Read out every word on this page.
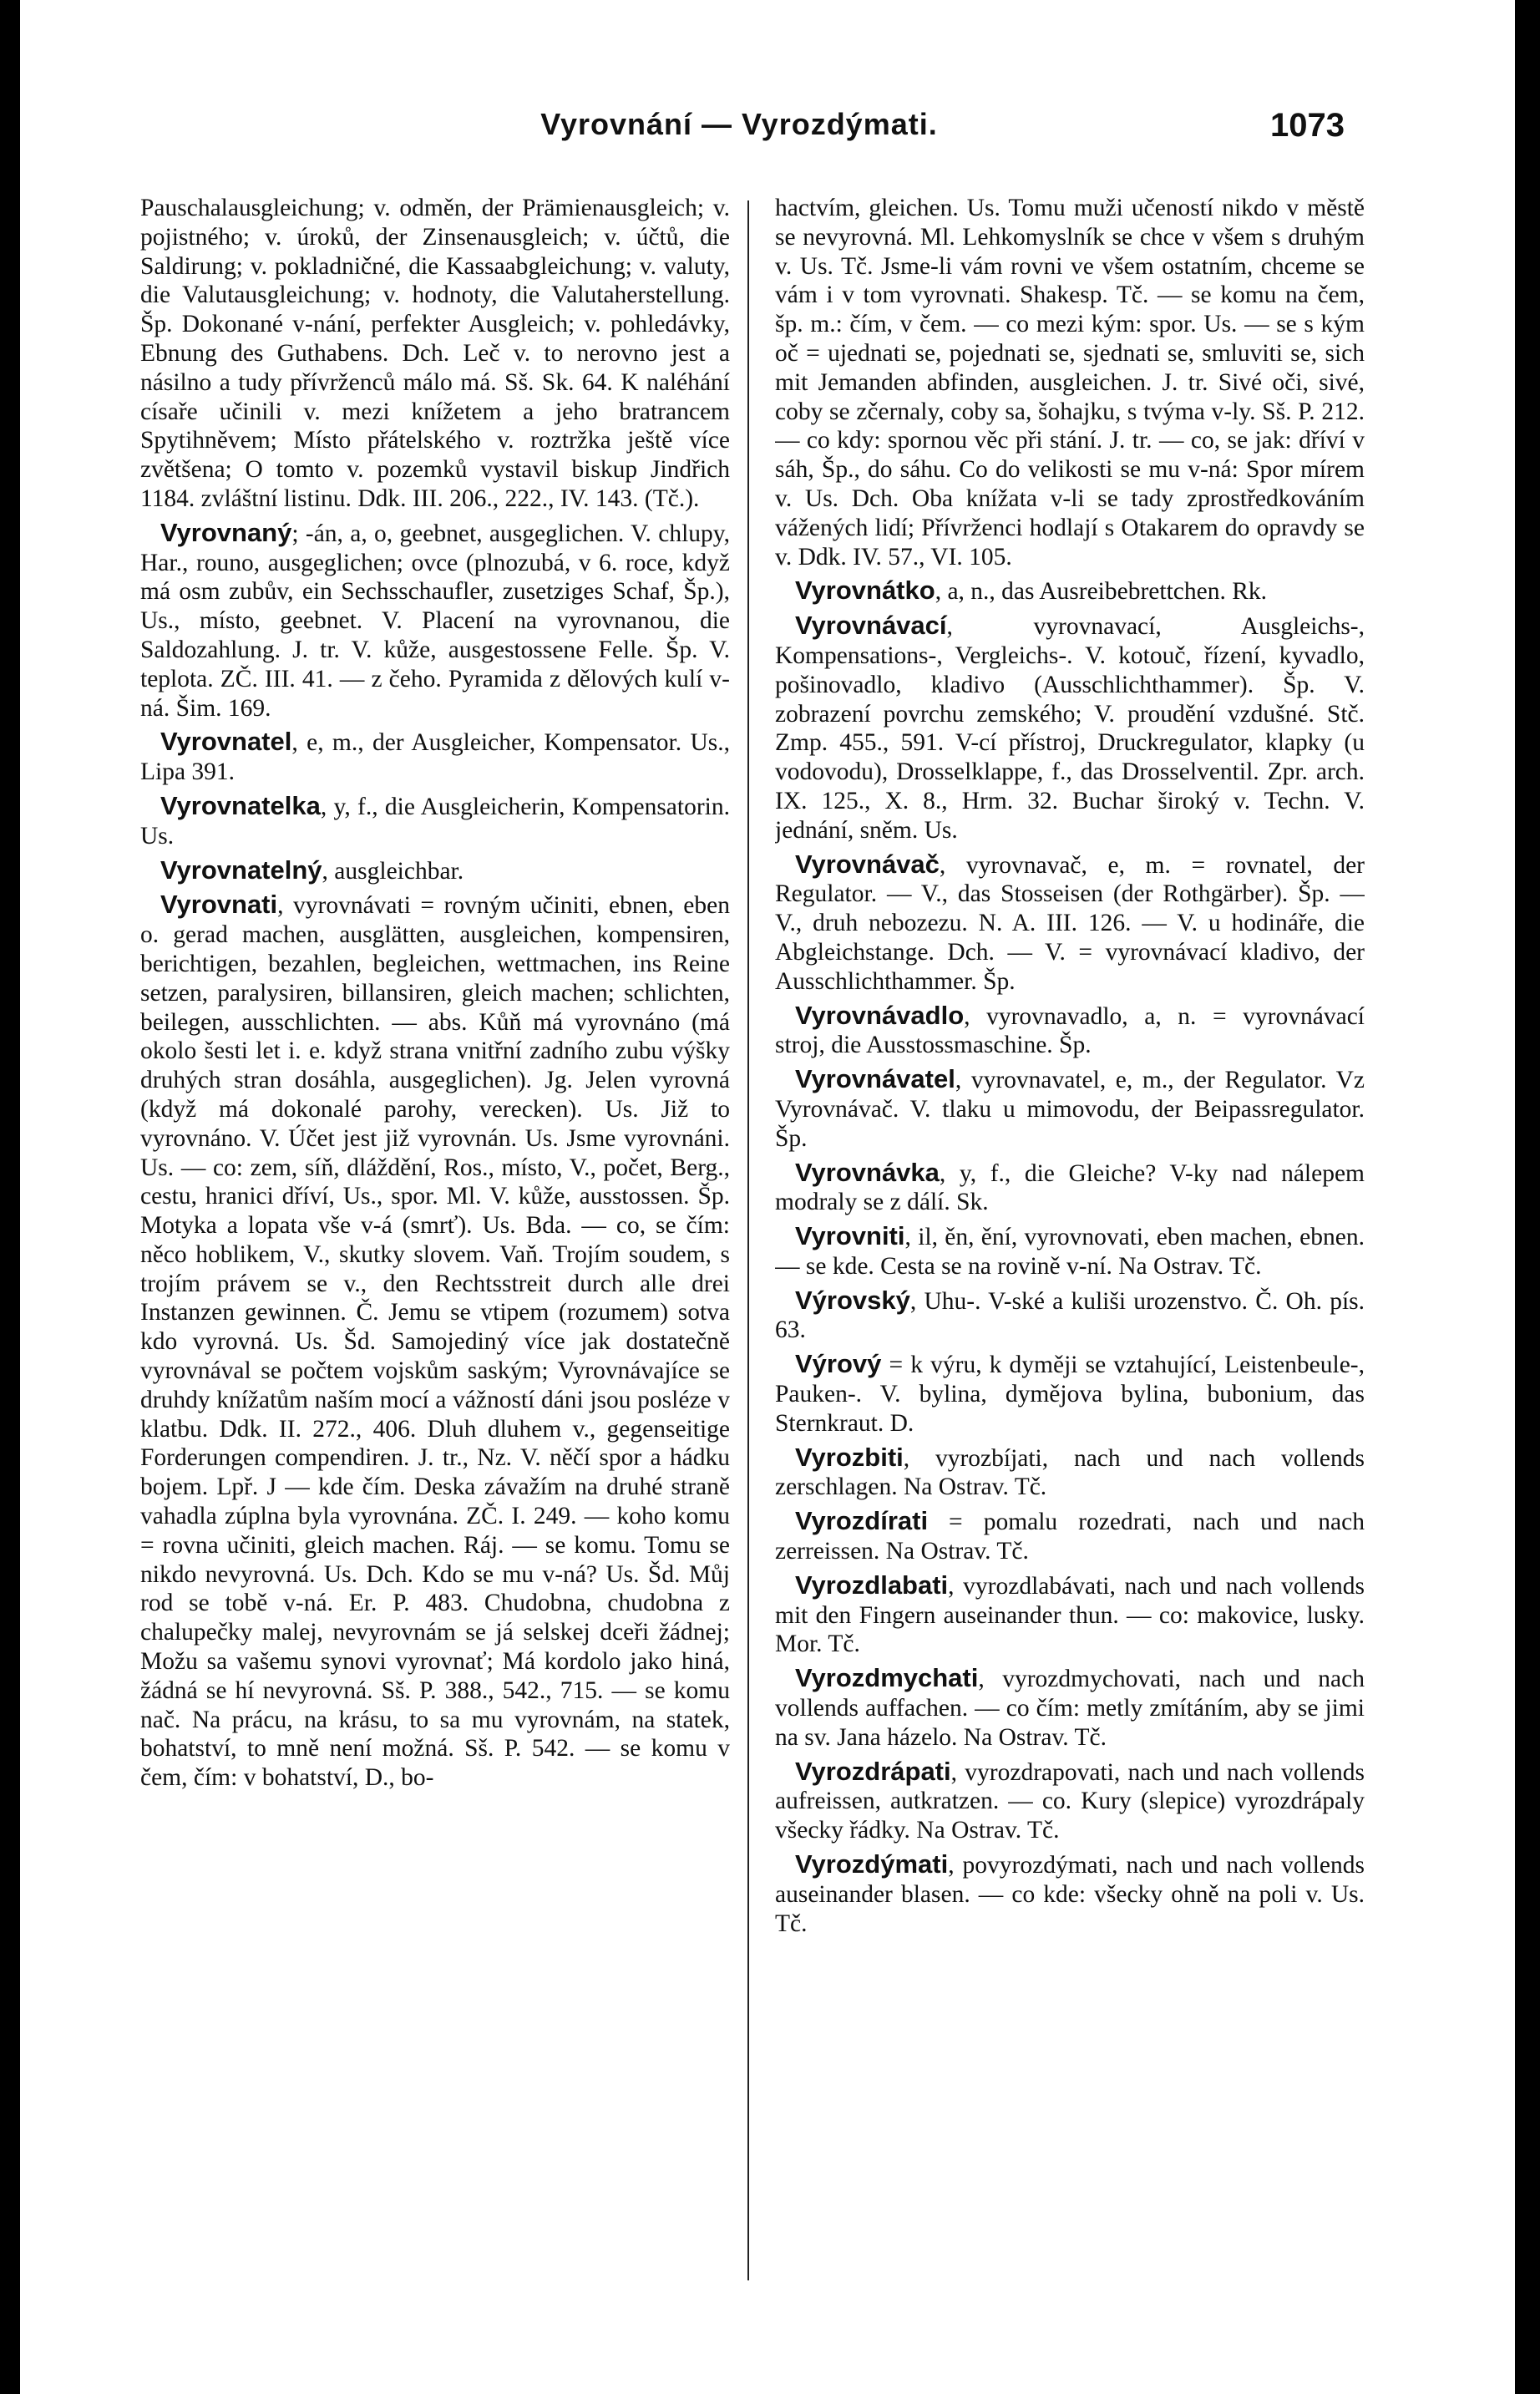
Vyrovnání — Vyrozdýmati.	1073

Pauschalausgleichung; v. odměn, der Prämienausgleich; v. pojistného; v. úroků, der Zinsenausgleich; v. účtů, die Saldirung; v. pokladničné, die Kassaabgleichung; v. valuty, die Valutausgleichung; v. hodnoty, die Valutaherstellung. Šp. Dokonané v-nání, perfekter Ausgleich; v. pohledávky, Ebnung des Guthabens. Dch. Leč v. to nerovno jest a násilno a tudy přívrženců málo má. Sš. Sk. 64. K naléhání císaře učinili v. mezi knížetem a jeho bratrancem Spytihněvem; Místo přátelského v. roztržka ještě více zvětšena; O tomto v. pozemků vystavil biskup Jindřich 1184. zvláštní listinu. Ddk. III. 206., 222., IV. 143. (Tč.).

Vyrovnaný; -án, a, o, geebnet, ausgeglichen. V. chlupy, Har., rouno, ausgeglichen; ovce (plnozubá, v 6. roce, když má osm zubův, ein Sechsschaufler, zusetziges Schaf, Šp.), Us., místo, geebnet. V. Placení na vyrovnanou, die Saldozahlung. J. tr. V. kůže, ausgestossene Felle. Šp. V. teplota. ZČ. III. 41. — z čeho. Pyramida z dělových kulí v-ná. Šim. 169.

Vyrovnatel, e, m., der Ausgleicher, Kompensator. Us., Lipa 391.

Vyrovnatelka, y, f., die Ausgleicherin, Kompensatorin. Us.

Vyrovnatelný, ausgleichbar.

Vyrovnati, vyrovnávati = rovným učiniti, ebnen, eben o. gerad machen, ausglätten, ausgleichen, kompensiren, berichtigen, bezahlen, begleichen, wettmachen, ins Reine setzen, paralysiren, billansiren, gleich machen; schlichten, beilegen, ausschlichten. — abs. Kůň má vyrovnáno (má okolo šesti let i. e. když strana vnitřní zadního zubu výšky druhých stran dosáhla, ausgeglichen). Jg. Jelen vyrovná (když má dokonalé parohy, verecken). Us. Již to vyrovnáno. V. Účet jest již vyrovnán. Us. Jsme vyrovnáni. Us. — co: zem, síň, dláždění, Ros., místo, V., počet, Berg., cestu, hranici dříví, Us., spor. Ml. V. kůže, ausstossen. Šp. Motyka a lopata vše v-á (smrť). Us. Bda. — co, se čím: něco hoblikem, V., skutky slovem. Vaň. Trojím soudem, s trojím právem se v., den Rechtsstreit durch alle drei Instanzen gewinnen. Č. Jemu se vtipem (rozumem) sotva kdo vyrovná. Us. Šd. Samojediný více jak dostatečně vyrovnával se počtem vojskům saským; Vyrovnávajíce se druhdy knížatům naším mocí a vážností dáni jsou posléze v klatbu. Ddk. II. 272., 406. Dluh dluhem v., gegenseitige Forderungen compendiren. J. tr., Nz. V. něčí spor a hádku bojem. Lpř. J — kde čím. Deska závažím na druhé straně vahadla zúplna byla vyrovnána. ZČ. I. 249. — koho komu = rovna učiniti, gleich machen. Ráj. — se komu. Tomu se nikdo nevyrovná. Us. Dch. Kdo se mu v-ná? Us. Šd. Můj rod se tobě v-ná. Er. P. 483. Chudobna, chudobna z chalupečky malej, nevyrovnám se já selskej dceři žádnej; Možu sa vašemu synovi vyrovnať; Má kordolo jako hiná, žádná se hí nevyrovná. Sš. P. 388., 542., 715. — se komu nač. Na prácu, na krásu, to sa mu vyrovnám, na statek, bohatství, to mně není možná. Sš. P. 542. — se komu v čem, čím: v bohatství, D., bo-

hactvím, gleichen. Us. Tomu muži učeností nikdo v městě se nevyrovná. Ml. Lehkomyslník se chce v všem s druhým v. Us. Tč. Jsme-li vám rovni ve všem ostatním, chceme se vám i v tom vyrovnati. Shakesp. Tč. — se komu na čem, šp. m.: čím, v čem. — co mezi kým: spor. Us. — se s kým oč = ujednati se, pojednati se, sjednati se, smluviti se, sich mit Jemanden abfinden, ausgleichen. J. tr. Sivé oči, sivé, coby se zčernaly, coby sa, šohajku, s tvýma v-ly. Sš. P. 212. — co kdy: spornou věc při stání. J. tr. — co, se jak: dříví v sáh, Šp., do sáhu. Co do velikosti se mu v-ná: Spor mírem v. Us. Dch. Oba knížata v-li se tady zprostředkováním vážených lidí; Přívrženci hodlají s Otakarem do opravdy se v. Ddk. IV. 57., VI. 105.

Vyrovnátko, a, n., das Ausreibebrettchen. Rk.

Vyrovnávací, vyrovnavací, Ausgleichs-, Kompensations-, Vergleichs-. V. kotouč, řízení, kyvadlo, pošinovadlo, kladivo (Ausschlichthammer). Šp. V. zobrazení povrchu zemského; V. proudění vzdušné. Stč. Zmp. 455., 591. V-cí přístroj, Druckregulator, klapky (u vodovodu), Drosselklappe, f., das Drosselventil. Zpr. arch. IX. 125., X. 8., Hrm. 32. Buchar široký v. Techn. V. jednání, sněm. Us.

Vyrovnávač, vyrovnavač, e, m. = rovnatel, der Regulator. — V., das Stosseisen (der Rothgärber). Šp. — V., druh nebozezu. N. A. III. 126. — V. u hodináře, die Abgleichstange. Dch. — V. = vyrovnávací kladivo, der Ausschlichthammer. Šp.

Vyrovnávadlo, vyrovnavadlo, a, n. = vyrovnávací stroj, die Ausstossmaschine. Šp.

Vyrovnávatel, vyrovnavatel, e, m., der Regulator. Vz Vyrovnávač. V. tlaku u mimovodu, der Beipassregulator. Šp.

Vyrovnávka, y, f., die Gleiche? V-ky nad nálepem modraly se z dálí. Sk.

Vyrovniti, il, ěn, ění, vyrovnovati, eben machen, ebnen. — se kde. Cesta se na rovině v-ní. Na Ostrav. Tč.

Výrovský, Uhu-. V-ské a kuliši urozenstvo. Č. Oh. pís. 63.

Výrový = k výru, k dyměji se vztahující, Leistenbeule-, Pauken-. V. bylina, dymějova bylina, bubonium, das Sternkraut. D.

Vyrozbiti, vyrozbíjati, nach und nach vollends zerschlagen. Na Ostrav. Tč.

Vyrozdírati = pomalu rozedrati, nach und nach zerreissen. Na Ostrav. Tč.

Vyrozdlabati, vyrozdlabávati, nach und nach vollends mit den Fingern auseinander thun. — co: makovice, lusky. Mor. Tč.

Vyrozdmychati, vyrozdmychovati, nach und nach vollends auffachen. — co čím: metly zmítáním, aby se jimi na sv. Jana házelo. Na Ostrav. Tč.

Vyrozdrápati, vyrozdrapovati, nach und nach vollends aufreissen, autkratzen. — co. Kury (slepice) vyrozdrápaly všecky řádky. Na Ostrav. Tč.

Vyrozdýmati, povyrozdýmati, nach und nach vollends auseinander blasen. — co kde: všecky ohně na poli v. Us. Tč.
